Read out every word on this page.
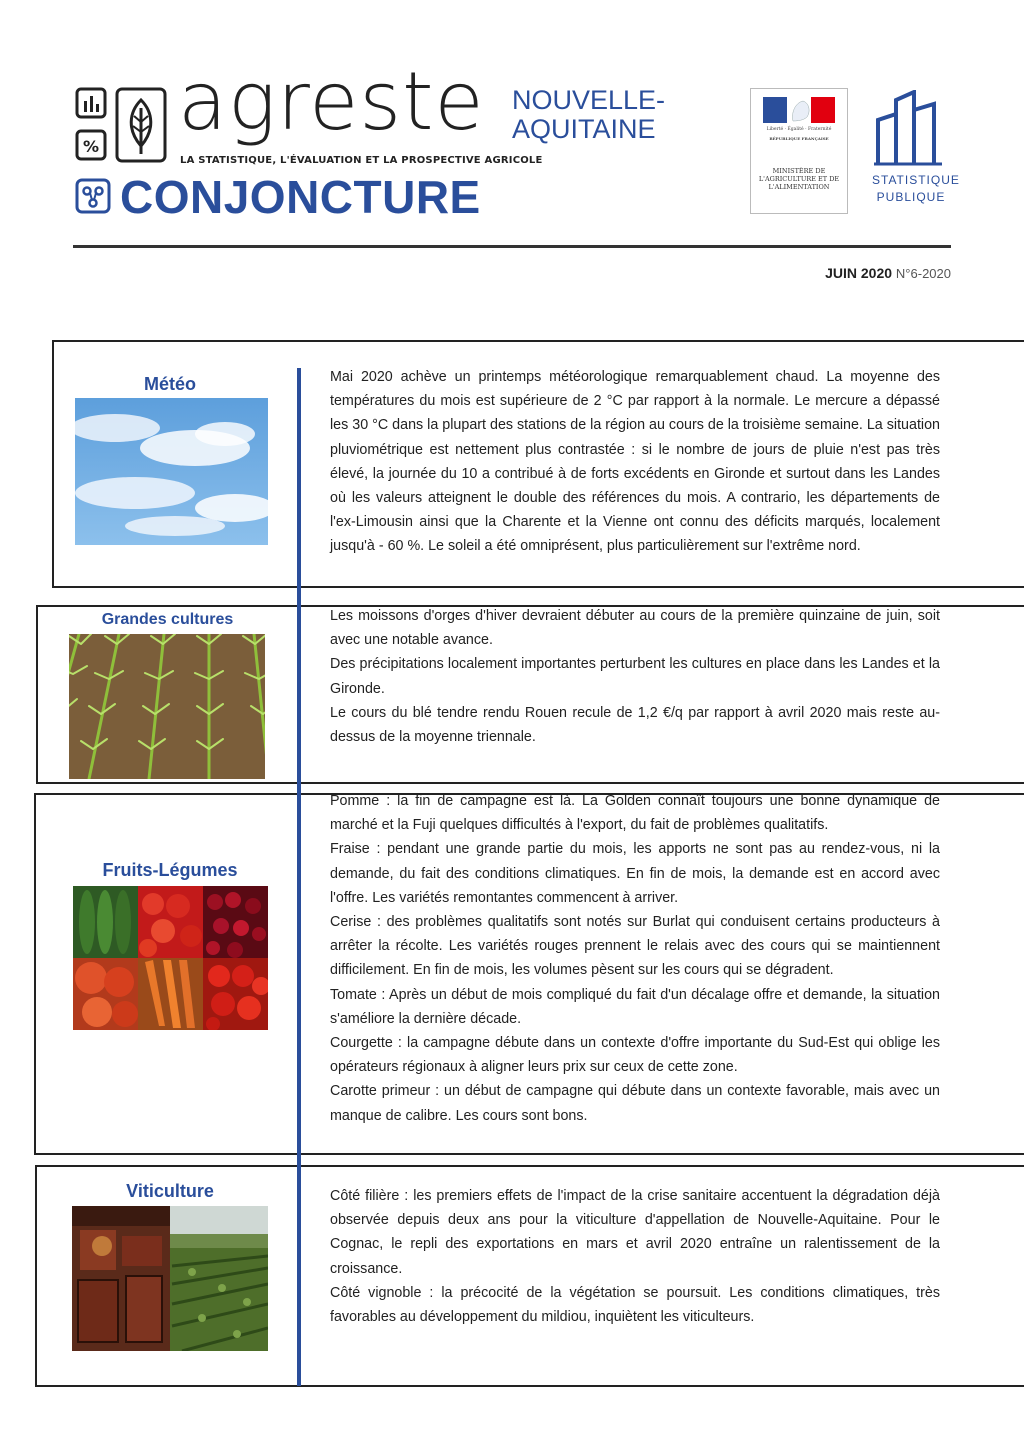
% agreste
LA STATISTIQUE, L'ÉVALUATION ET LA PROSPECTIVE AGRICOLE
CONJONCTURE
NOUVELLE-
AQUITAINE	Liberté · Égalité · Fraternité
RÉPUBLIQUE FRANÇAISE
MINISTÈRE DE L'AGRICULTURE ET DE L'ALIMENTATION	STATISTIQUE
PUBLIQUE
JUIN 2020 N°6-2020
Météo	Mai 2020 achève un printemps météorologique remarquablement chaud. La moyenne des températures du mois est supérieure de 2 °C par rapport à la normale. Le mercure a dépassé les 30 °C dans la plupart des stations de la région au cours de la troisième semaine. La situation pluviométrique est nettement plus contrastée : si le nombre de jours de pluie n'est pas très élevé, la journée du 10 a contribué à de forts excédents en Gironde et surtout dans les Landes où les valeurs atteignent le double des références du mois. A contrario, les départements de l'ex-Limousin ainsi que la Charente et la Vienne ont connu des déficits marqués, localement jusqu'à - 60 %. Le soleil a été omniprésent, plus particulièrement sur l'extrême nord.

Grandes cultures	Les moissons d'orges d'hiver devraient débuter au cours de la première quinzaine de juin, soit avec une notable avance.

Des précipitations localement importantes perturbent les cultures en place dans les Landes et la Gironde.

Le cours du blé tendre rendu Rouen recule de 1,2 €/q par rapport à avril 2020 mais reste au-dessus de la moyenne triennale.

Fruits-Légumes

Pomme : la fin de campagne est là. La Golden connaît toujours une bonne dynamique de marché et la Fuji quelques difficultés à l'export, du fait de problèmes qualitatifs.

Fraise : pendant une grande partie du mois, les apports ne sont pas au rendez-vous, ni la demande, du fait des conditions climatiques. En fin de mois, la demande est en accord avec l'offre. Les variétés remontantes commencent à arriver.

Cerise : des problèmes qualitatifs sont notés sur Burlat qui conduisent certains producteurs à arrêter la récolte. Les variétés rouges prennent le relais avec des cours qui se maintiennent difficilement. En fin de mois, les volumes pèsent sur les cours qui se dégradent.

Tomate : Après un début de mois compliqué du fait d'un décalage offre et demande, la situation s'améliore la dernière décade.

Courgette : la campagne débute dans un contexte d'offre importante du Sud-Est qui oblige les opérateurs régionaux à aligner leurs prix sur ceux de cette zone.

Carotte primeur : un début de campagne qui débute dans un contexte favorable, mais avec un manque de calibre. Les cours sont bons.

Viticulture	Côté filière : les premiers effets de l'impact de la crise sanitaire accentuent la dégradation déjà observée depuis deux ans pour la viticulture d'appellation de Nouvelle-Aquitaine. Pour le Cognac, le repli des exportations en mars et avril 2020 entraîne un ralentissement de la croissance.

Côté vignoble : la précocité de la végétation se poursuit. Les conditions climatiques, très favorables au développement du mildiou, inquiètent les viticulteurs.
